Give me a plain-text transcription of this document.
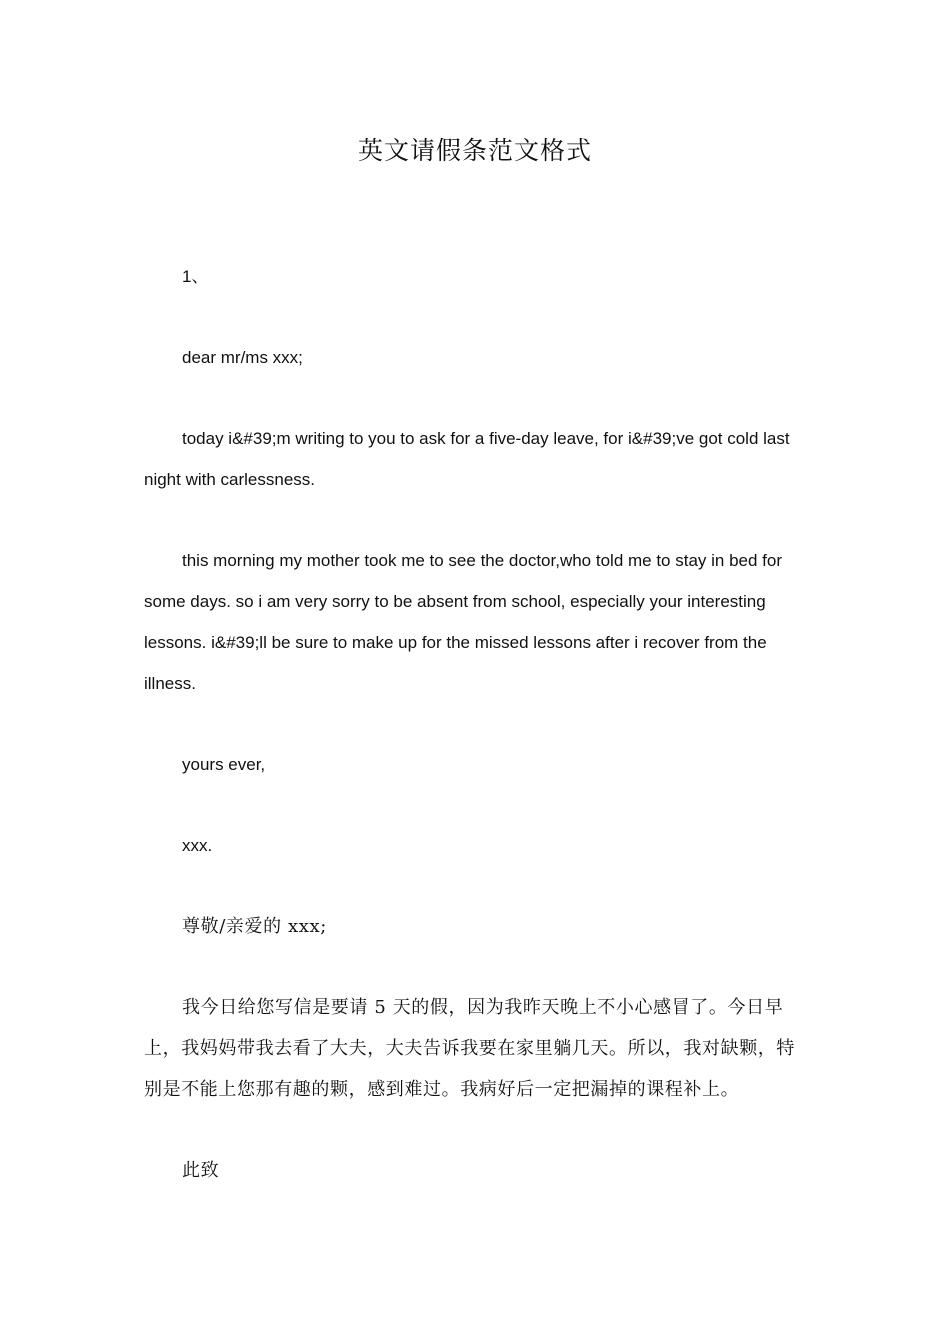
英文请假条范文格式

1、

dear mr/ms xxx;

today i&#39;m writing to you to ask for a five-day leave, for i&#39;ve got cold last night with carlessness.

this morning my mother took me to see the doctor,who told me to stay in bed for some days. so i am very sorry to be absent from school, especially your interesting lessons. i&#39;ll be sure to make up for the missed lessons after i recover from the illness.

yours ever,

xxx.

尊敬/亲爱的 xxx;

我今日给您写信是要请 5 天的假，因为我昨天晚上不小心感冒了。今日早上，我妈妈带我去看了大夫，大夫告诉我要在家里躺几天。所以，我对缺颗，特别是不能上您那有趣的颗，感到难过。我病好后一定把漏掉的课程补上。

此致
